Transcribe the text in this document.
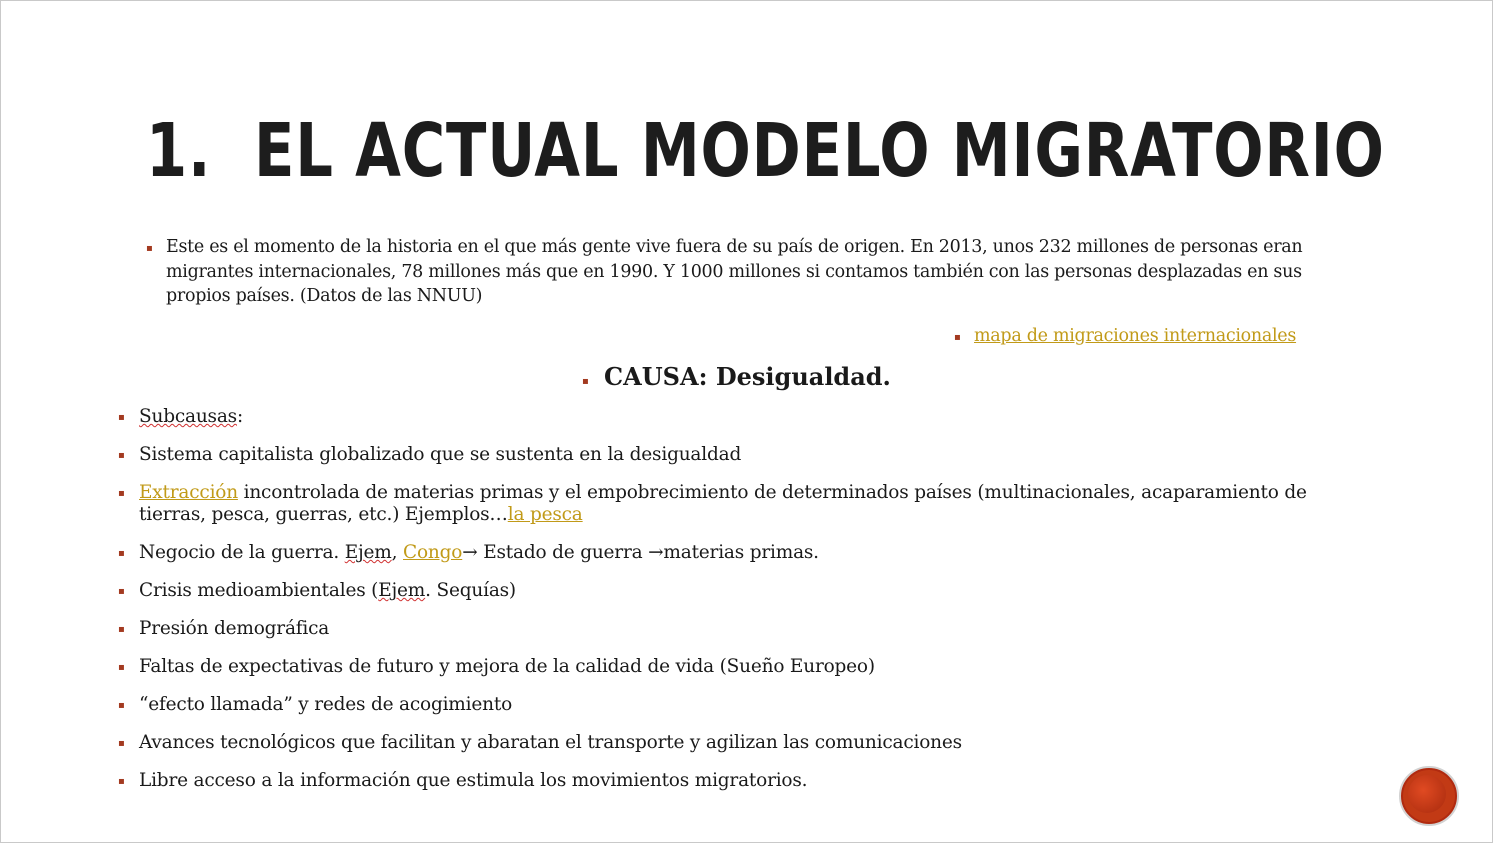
1. EL ACTUAL MODELO MIGRATORIO
▪ Este es el momento de la historia en el que más gente vive fuera de su país de origen. En 2013, unos 232 millones de personas eran migrantes internacionales, 78 millones más que en 1990. Y 1000 millones si contamos también con las personas desplazadas en sus propios países. (Datos de las NNUU)
▪ mapa de migraciones internacionales
▪ CAUSA: Desigualdad.
▪ Subcausas:
▪ Sistema capitalista globalizado que se sustenta en la desigualdad
▪ Extracción incontrolada de materias primas y el empobrecimiento de determinados países (multinacionales, acaparamiento de tierras, pesca, guerras, etc.) Ejemplos…la pesca
▪ Negocio de la guerra. Ejem, Congo→ Estado de guerra →materias primas.
▪ Crisis medioambientales (Ejem. Sequías)
▪ Presión demográfica
▪ Faltas de expectativas de futuro y mejora de la calidad de vida (Sueño Europeo)
▪ “efecto llamada” y redes de acogimiento
▪ Avances tecnológicos que facilitan y abaratan el transporte y agilizan las comunicaciones
▪ Libre acceso a la información que estimula los movimientos migratorios.
